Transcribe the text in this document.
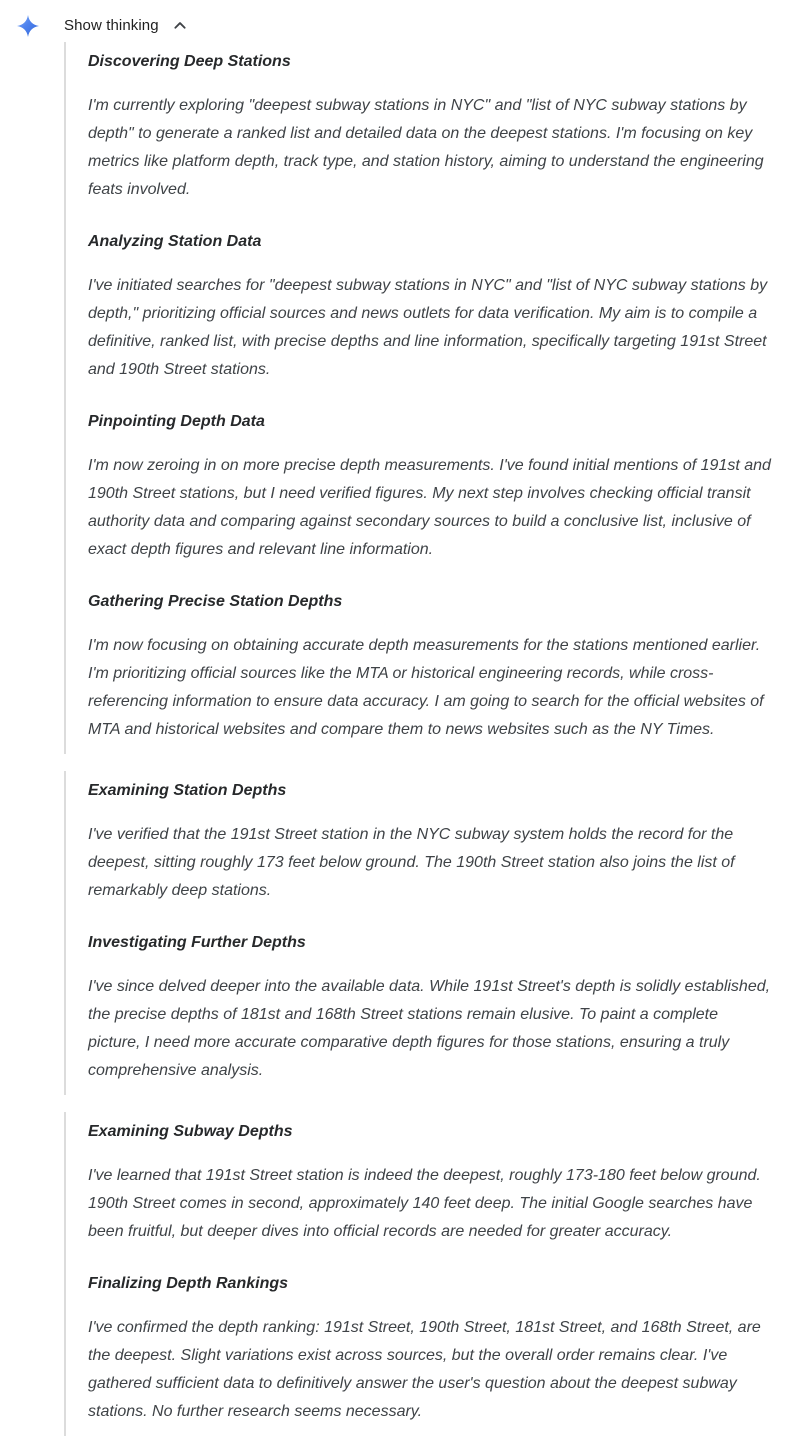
Show thinking
Discovering Deep Stations
I'm currently exploring "deepest subway stations in NYC" and "list of NYC subway stations by depth" to generate a ranked list and detailed data on the deepest stations. I'm focusing on key metrics like platform depth, track type, and station history, aiming to understand the engineering feats involved.
Analyzing Station Data
I've initiated searches for "deepest subway stations in NYC" and "list of NYC subway stations by depth," prioritizing official sources and news outlets for data verification. My aim is to compile a definitive, ranked list, with precise depths and line information, specifically targeting 191st Street and 190th Street stations.
Pinpointing Depth Data
I'm now zeroing in on more precise depth measurements. I've found initial mentions of 191st and 190th Street stations, but I need verified figures. My next step involves checking official transit authority data and comparing against secondary sources to build a conclusive list, inclusive of exact depth figures and relevant line information.
Gathering Precise Station Depths
I'm now focusing on obtaining accurate depth measurements for the stations mentioned earlier. I'm prioritizing official sources like the MTA or historical engineering records, while cross-referencing information to ensure data accuracy. I am going to search for the official websites of MTA and historical websites and compare them to news websites such as the NY Times.
Examining Station Depths
I've verified that the 191st Street station in the NYC subway system holds the record for the deepest, sitting roughly 173 feet below ground. The 190th Street station also joins the list of remarkably deep stations.
Investigating Further Depths
I've since delved deeper into the available data. While 191st Street's depth is solidly established, the precise depths of 181st and 168th Street stations remain elusive. To paint a complete picture, I need more accurate comparative depth figures for those stations, ensuring a truly comprehensive analysis.
Examining Subway Depths
I've learned that 191st Street station is indeed the deepest, roughly 173-180 feet below ground. 190th Street comes in second, approximately 140 feet deep. The initial Google searches have been fruitful, but deeper dives into official records are needed for greater accuracy.
Finalizing Depth Rankings
I've confirmed the depth ranking: 191st Street, 190th Street, 181st Street, and 168th Street, are the deepest. Slight variations exist across sources, but the overall order remains clear. I've gathered sufficient data to definitively answer the user's question about the deepest subway stations. No further research seems necessary.
